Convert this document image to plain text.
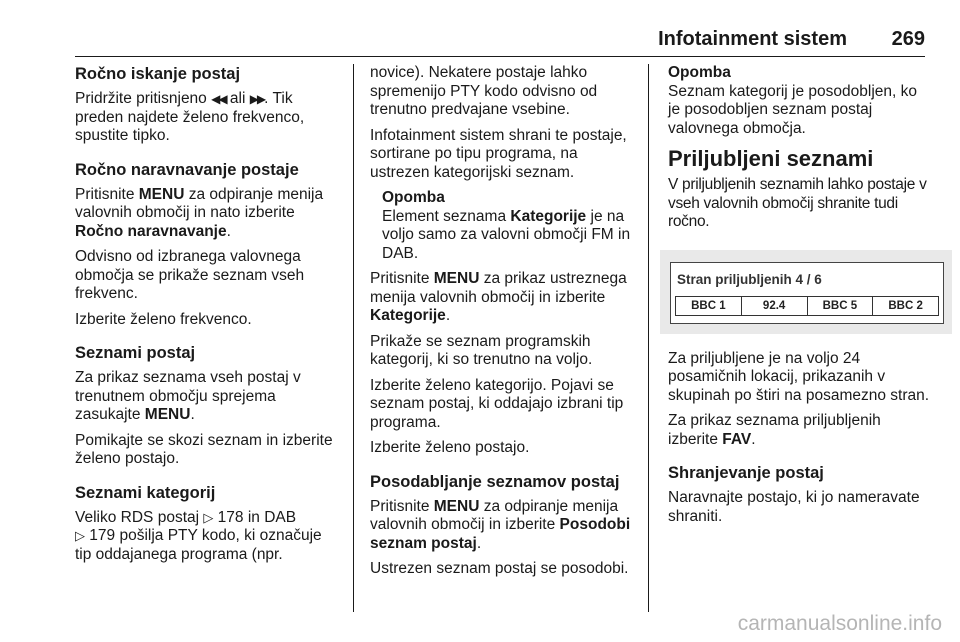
Infotainment sistem 269
Ročno iskanje postaj

Pridržite pritisnjeno ◀◀ ali ▶▶. Tik preden najdete želeno frekvenco, spustite tipko.

Ročno naravnavanje postaje

Pritisnite MENU za odpiranje menija valovnih območij in nato izberite Ročno naravnavanje.

Odvisno od izbranega valovnega območja se prikaže seznam vseh frekvenc.

Izberite želeno frekvenco.

Seznami postaj

Za prikaz seznama vseh postaj v trenutnem območju sprejema zasukajte MENU.

Pomikajte se skozi seznam in izberite želeno postajo.

Seznami kategorij

Veliko RDS postaj ▷ 178 in DAB
▷ 179 pošilja PTY kodo, ki označuje tip oddajanega programa (npr.

novice). Nekatere postaje lahko spremenijo PTY kodo odvisno od trenutno predvajane vsebine.

Infotainment sistem shrani te postaje, sortirane po tipu programa, na ustrezen kategorijski seznam.

Opomba
Element seznama Kategorije je na voljo samo za valovni območji FM in DAB.

Pritisnite MENU za prikaz ustreznega menija valovnih območij in izberite Kategorije.

Prikaže se seznam programskih kategorij, ki so trenutno na voljo.

Izberite želeno kategorijo. Pojavi se seznam postaj, ki oddajajo izbrani tip programa.

Izberite želeno postajo.

Posodabljanje seznamov postaj

Pritisnite MENU za odpiranje menija valovnih območij in izberite Posodobi seznam postaj.

Ustrezen seznam postaj se posodobi.

Opomba
Seznam kategorij je posodobljen, ko je posodobljen seznam postaj valovnega območja.
Priljubljeni seznami

V priljubljenih seznamih lahko postaje v vseh valovnih območij shranite tudi ročno.

Stran priljubljenih 4 / 6
BBC 1	92.4	BBC 5	BBC 2

Za priljubljene je na voljo 24 posamičnih lokacij, prikazanih v skupinah po štiri na posamezno stran.

Za prikaz seznama priljubljenih izberite FAV.

Shranjevanje postaj

Naravnajte postajo, ki jo nameravate shraniti.

carmanualsonline.info
